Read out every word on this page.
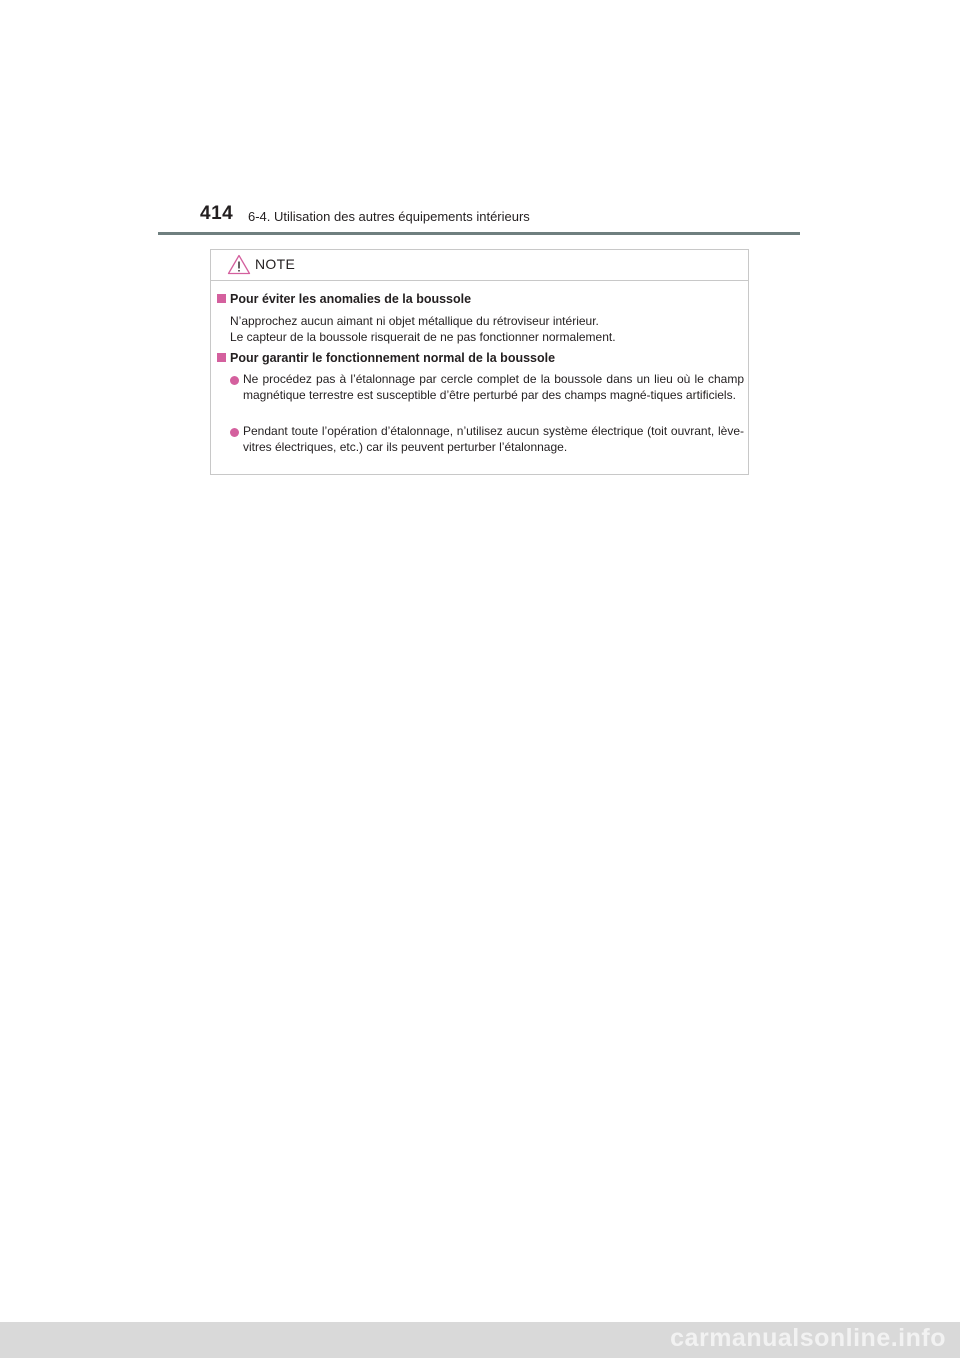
414 6-4. Utilisation des autres équipements intérieurs
NOTE
Pour éviter les anomalies de la boussole
N’approchez aucun aimant ni objet métallique du rétroviseur intérieur.
Le capteur de la boussole risquerait de ne pas fonctionner normalement.
Pour garantir le fonctionnement normal de la boussole
Ne procédez pas à l’étalonnage par cercle complet de la boussole dans un lieu où le champ magnétique terrestre est susceptible d’être perturbé par des champs magné-tiques artificiels.
Pendant toute l’opération d’étalonnage, n’utilisez aucun système électrique (toit ouvrant, lève-vitres électriques, etc.) car ils peuvent perturber l’étalonnage.
carmanualsonline.info
